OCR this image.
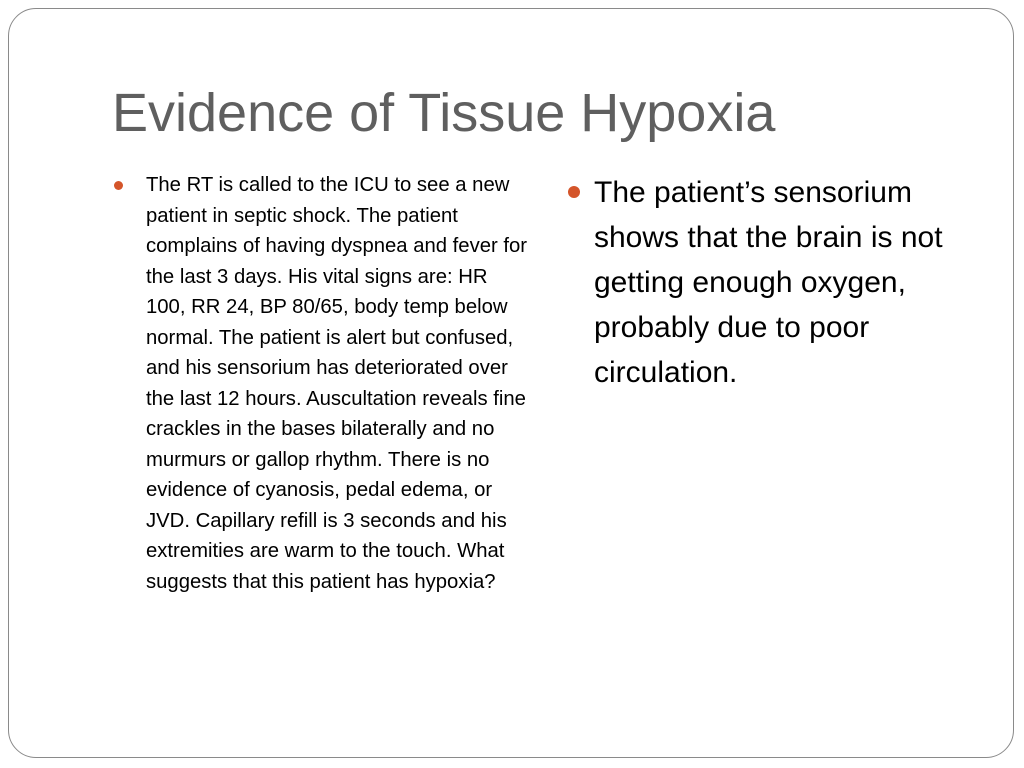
Evidence of Tissue Hypoxia
The RT is called to the ICU to see a new patient in septic shock. The patient complains of having dyspnea and fever for the last 3 days. His vital signs are: HR 100, RR 24, BP 80/65, body temp below normal. The patient is alert but confused, and his sensorium has deteriorated over the last 12 hours. Auscultation reveals fine crackles in the bases bilaterally and no murmurs or gallop rhythm. There is no evidence of cyanosis, pedal edema, or JVD. Capillary refill is 3 seconds and his extremities are warm to the touch. What suggests that this patient has hypoxia?
The patient’s sensorium shows that the brain is not getting enough oxygen, probably due to poor circulation.
